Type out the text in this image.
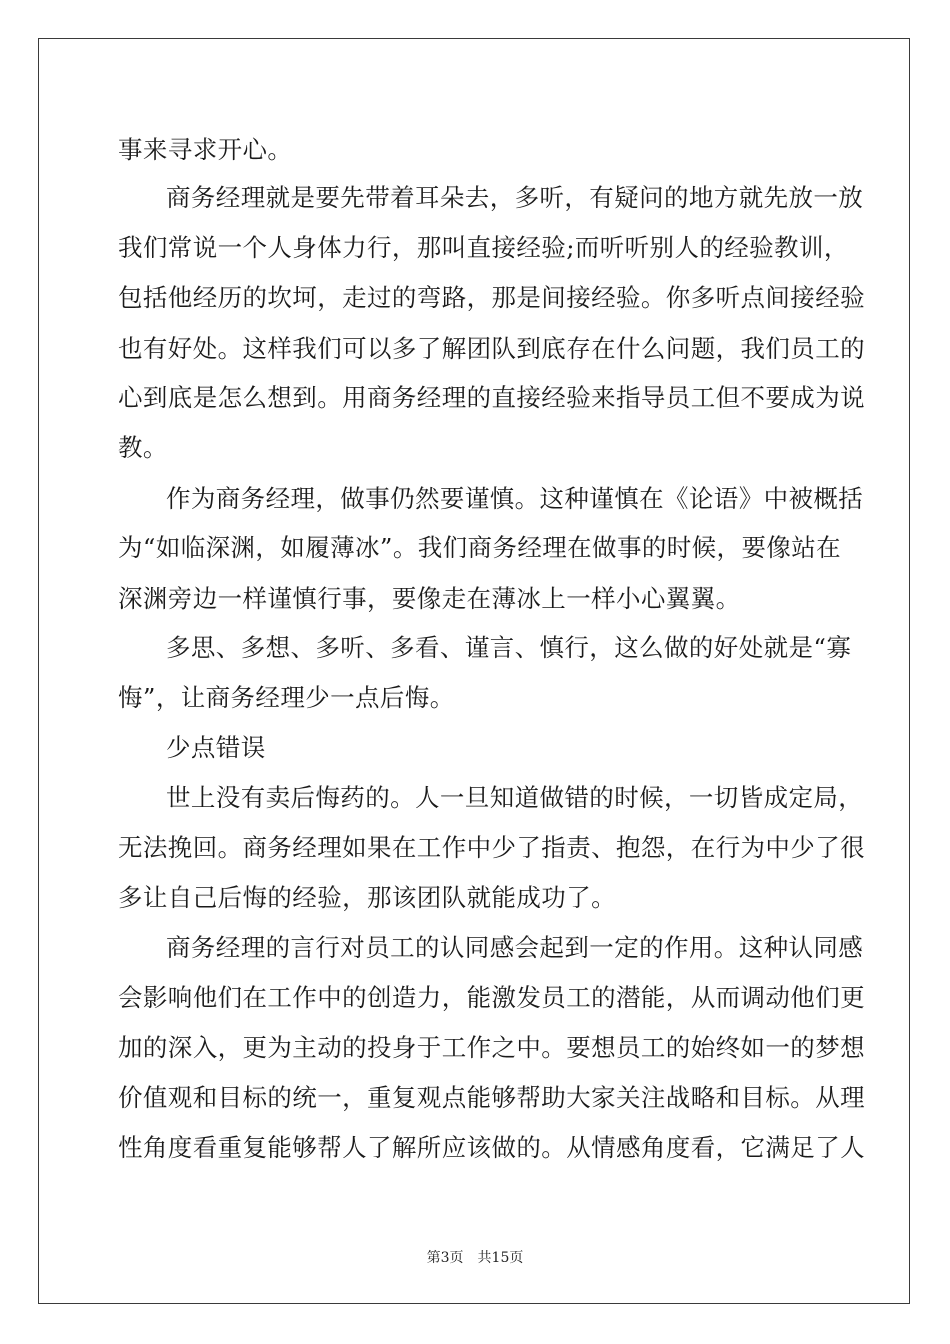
事来寻求开心。
商务经理就是要先带着耳朵去，多听，有疑问的地方就先放一放
我们常说一个人身体力行，那叫直接经验;而听听别人的经验教训，
包括他经历的坎坷，走过的弯路，那是间接经验。你多听点间接经验
也有好处。这样我们可以多了解团队到底存在什么问题，我们员工的
心到底是怎么想到。用商务经理的直接经验来指导员工但不要成为说
教。
作为商务经理，做事仍然要谨慎。这种谨慎在《论语》中被概括
为“如临深渊，如履薄冰”。我们商务经理在做事的时候，要像站在
深渊旁边一样谨慎行事，要像走在薄冰上一样小心翼翼。
多思、多想、多听、多看、谨言、慎行，这么做的好处就是“寡
悔”，让商务经理少一点后悔。
少点错误
世上没有卖后悔药的。人一旦知道做错的时候，一切皆成定局，
无法挽回。商务经理如果在工作中少了指责、抱怨，在行为中少了很
多让自己后悔的经验，那该团队就能成功了。
商务经理的言行对员工的认同感会起到一定的作用。这种认同感
会影响他们在工作中的创造力，能激发员工的潜能，从而调动他们更
加的深入，更为主动的投身于工作之中。要想员工的始终如一的梦想
价值观和目标的统一，重复观点能够帮助大家关注战略和目标。从理
性角度看重复能够帮人了解所应该做的。从情感角度看，它满足了人
第3页　共15页
